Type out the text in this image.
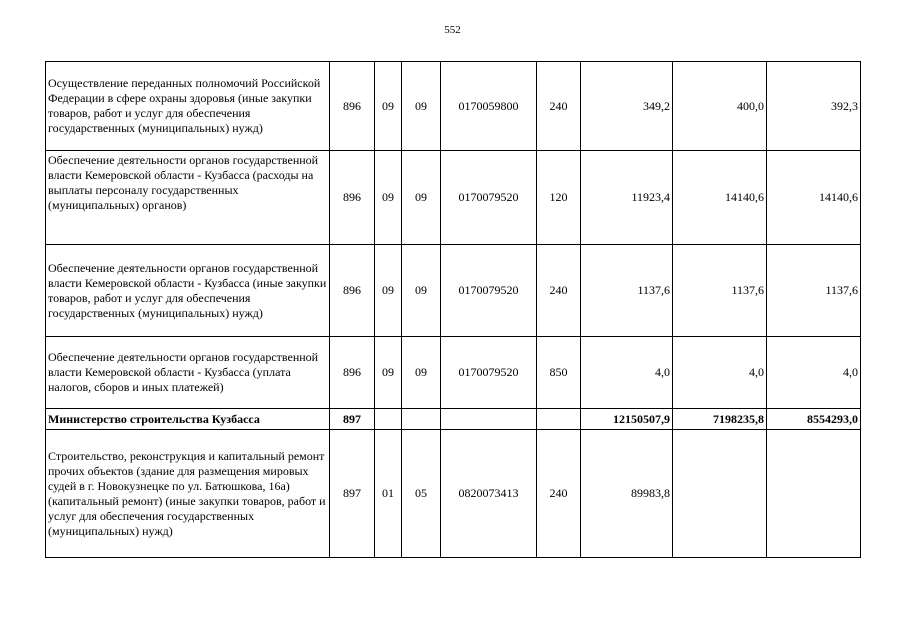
552
Осуществление переданных полномочий Российской Федерации в сфере охраны здоровья (иные закупки товаров, работ и услуг для обеспечения государственных (муниципальных) нужд)	896	09	09	0170059800	240	349,2	400,0	392,3
Обеспечение деятельности органов государственной власти Кемеровской области - Кузбасса (расходы на выплаты персоналу государственных (муниципальных) органов)	896	09	09	0170079520	120	11923,4	14140,6	14140,6
Обеспечение деятельности органов государственной власти Кемеровской области - Кузбасса (иные закупки товаров, работ и услуг для обеспечения государственных (муниципальных) нужд)	896	09	09	0170079520	240	1137,6	1137,6	1137,6
Обеспечение деятельности органов государственной власти Кемеровской области - Кузбасса (уплата налогов, сборов и иных платежей)	896	09	09	0170079520	850	4,0	4,0	4,0
Министерство строительства Кузбасса	897					12150507,9	7198235,8	8554293,0
Строительство, реконструкция и капитальный ремонт прочих объектов (здание для размещения мировых судей в г. Новокузнецке по ул. Батюшкова, 16а) (капитальный ремонт) (иные закупки товаров, работ и услуг для обеспечения государственных (муниципальных) нужд)	897	01	05	0820073413	240	89983,8		
